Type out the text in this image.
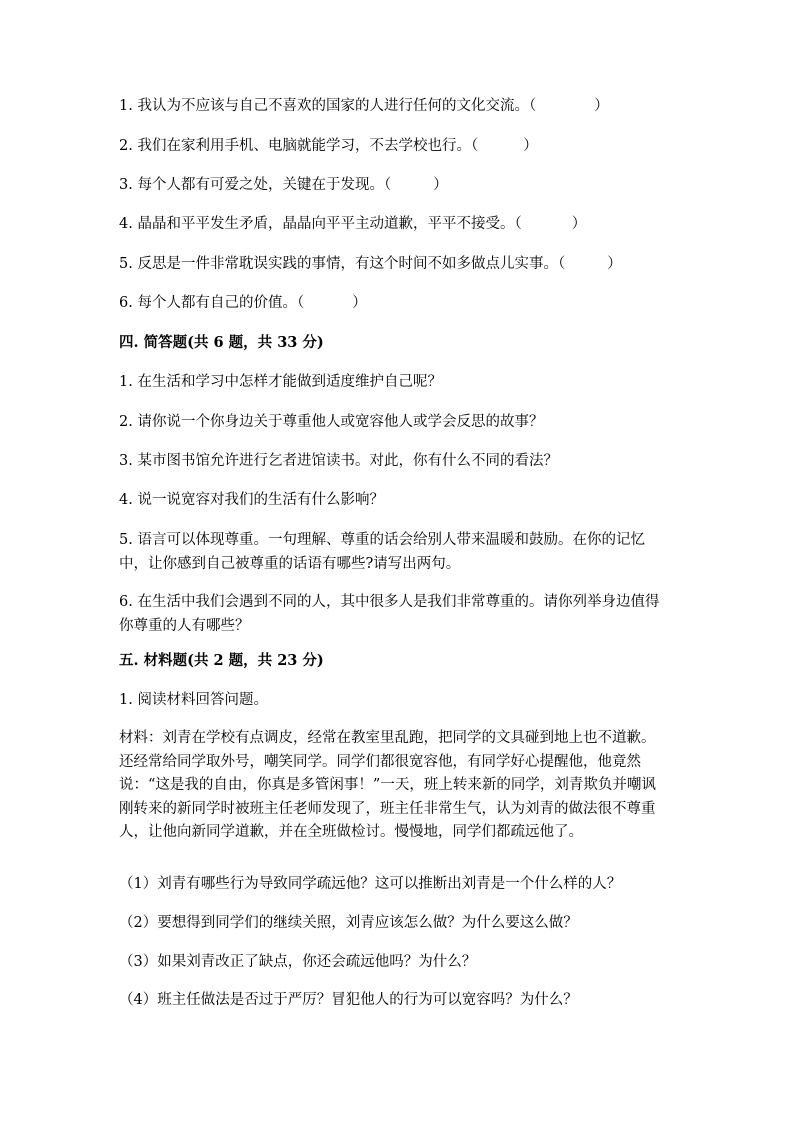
1. 我认为不应该与自己不喜欢的国家的人进行任何的文化交流。（	）
2. 我们在家利用手机、电脑就能学习，不去学校也行。（	）
3. 每个人都有可爱之处，关键在于发现。（	）
4. 晶晶和平平发生矛盾，晶晶向平平主动道歉，平平不接受。（	）
5. 反思是一件非常耽误实践的事情，有这个时间不如多做点儿实事。（	）
6. 每个人都有自己的价值。（	）
四. 简答题(共 6 题，共 33 分)
1. 在生活和学习中怎样才能做到适度维护自己呢？
2. 请你说一个你身边关于尊重他人或宽容他人或学会反思的故事？
3. 某市图书馆允许进行乞者进馆读书。对此，你有什么不同的看法？
4. 说一说宽容对我们的生活有什么影响？
5. 语言可以体现尊重。一句理解、尊重的话会给别人带来温暖和鼓励。在你的记忆中，让你感到自己被尊重的话语有哪些?请写出两句。
6. 在生活中我们会遇到不同的人，其中很多人是我们非常尊重的。请你列举身边值得你尊重的人有哪些？
五. 材料题(共 2 题，共 23 分)
1. 阅读材料回答问题。
材料：刘青在学校有点调皮，经常在教室里乱跑，把同学的文具碰到地上也不道歉。还经常给同学取外号，嘲笑同学。同学们都很宽容他，有同学好心提醒他，他竟然说：“这是我的自由，你真是多管闲事！”一天，班上转来新的同学，刘青欺负并嘲讽刚转来的新同学时被班主任老师发现了，班主任非常生气，认为刘青的做法很不尊重人，让他向新同学道歉，并在全班做检讨。慢慢地，同学们都疏远他了。
（1）刘青有哪些行为导致同学疏远他？这可以推断出刘青是一个什么样的人？
（2）要想得到同学们的继续关照，刘青应该怎么做？为什么要这么做？
（3）如果刘青改正了缺点，你还会疏远他吗？为什么？
（4）班主任做法是否过于严厉？冒犯他人的行为可以宽容吗？为什么？
